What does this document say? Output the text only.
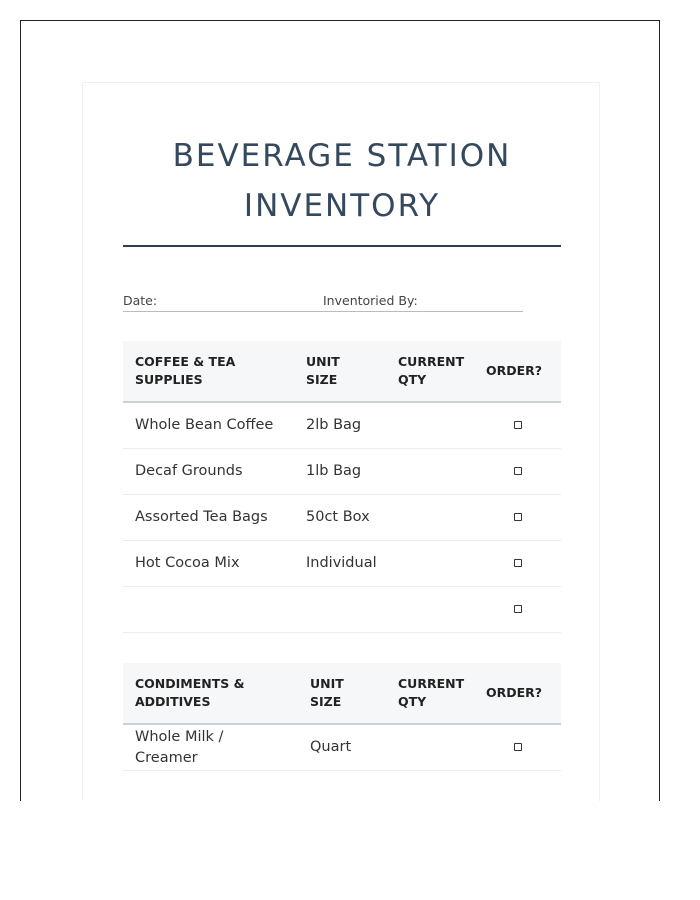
BEVERAGE STATION
INVENTORY
Date:	Inventoried By:
COFFEE & TEA SUPPLIES	UNIT SIZE	CURRENT QTY	ORDER?
Whole Bean Coffee	2lb Bag		
Decaf Grounds	1lb Bag		
Assorted Tea Bags	50ct Box		
Hot Cocoa Mix	Individual		

CONDIMENTS & ADDITIVES	UNIT SIZE	CURRENT QTY	ORDER?
Whole Milk / Creamer	Quart		
